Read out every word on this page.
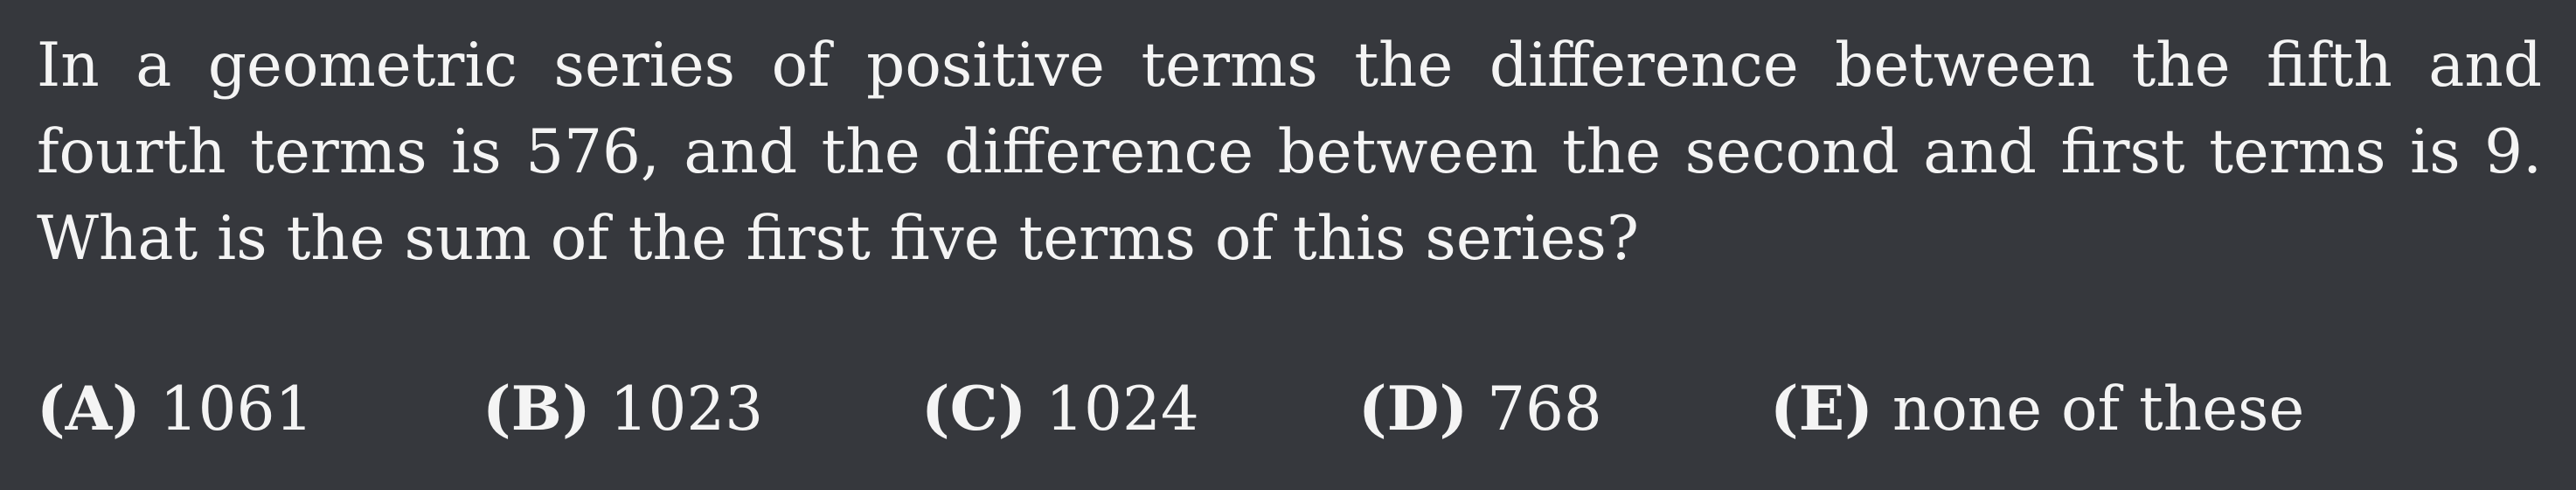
In a geometric series of positive terms the difference between the fifth and fourth terms is 576, and the difference between the second and first terms is 9. What is the sum of the first five terms of this series?
(A) 1061	(B) 1023	(C) 1024	(D) 768	(E) none of these
